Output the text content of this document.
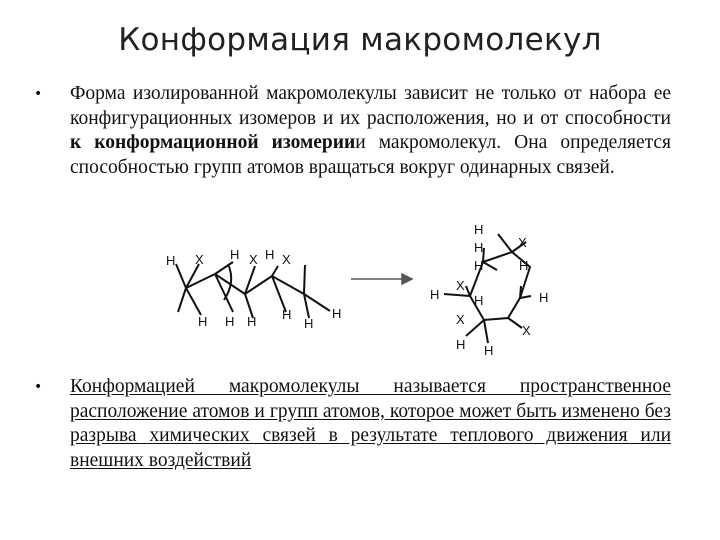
Конформация макромолекул
• Форма изолированной макромолекулы зависит не только от набора ее конфигурационных изомеров и их расположения, но и от способности к конформационной изомериии макромолекул. Она определяется способностью групп атомов вращаться вокруг одинарных связей.
H X H X H X
H H H H
H
H
H
H	X
H	H
X
H	H	H
X
X
H H
• Конформацией макромолекулы называется пространственное расположение атомов и групп атомов, которое может быть изменено без разрыва химических связей в результате теплового движения или внешних воздействий
